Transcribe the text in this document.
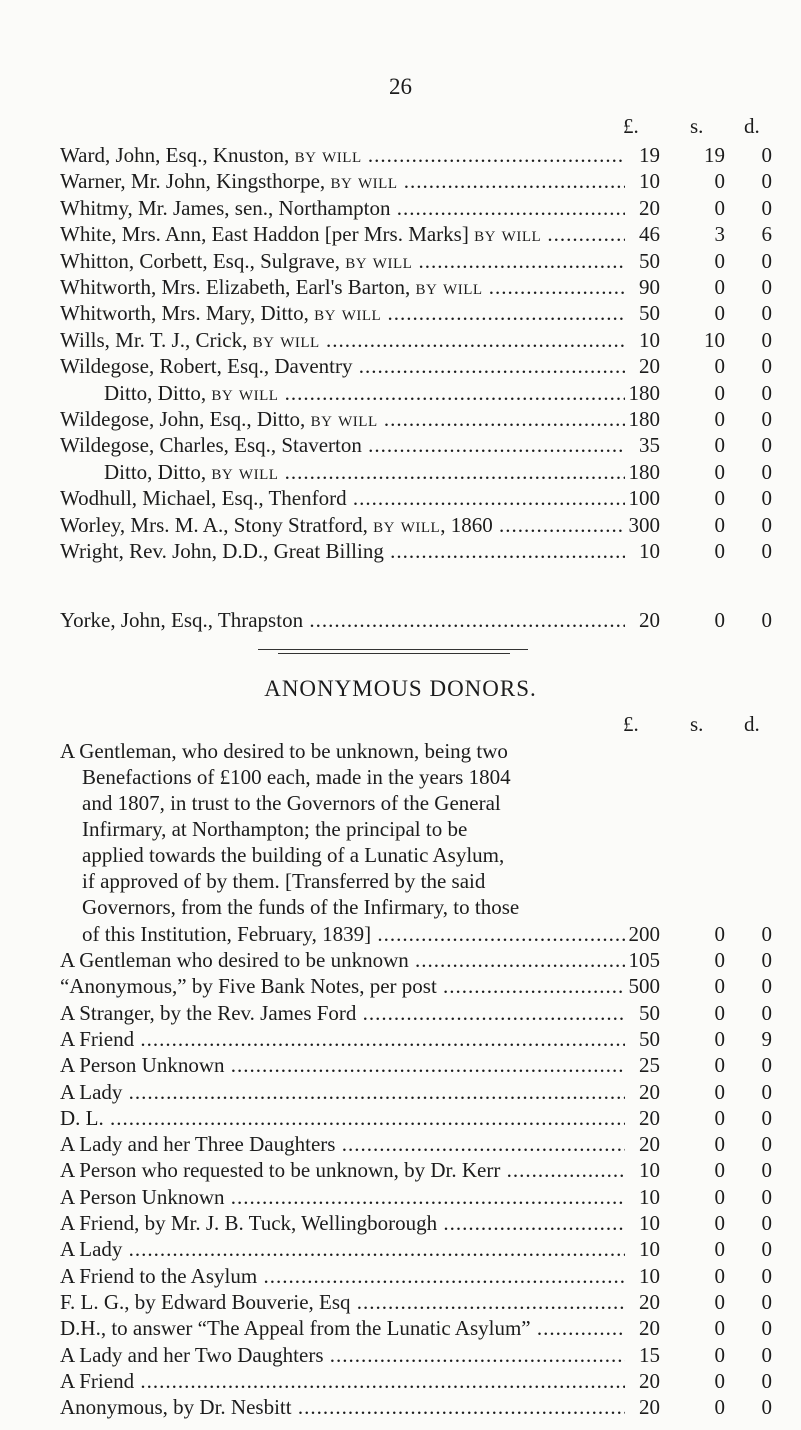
26
£. s. d.
Ward, John, Esq., Knuston, by will .....	19	19	0
Warner, Mr. John, Kingsthorpe, by will .....	10	0	0
Whitmy, Mr. James, sen., Northampton .....	20	0	0
White, Mrs. Ann, East Haddon [per Mrs. Marks] by will .....	46	3	6
Whitton, Corbett, Esq., Sulgrave, by will .....	50	0	0
Whitworth, Mrs. Elizabeth, Earl's Barton, by will .....	90	0	0
Whitworth, Mrs. Mary, Ditto, by will .....	50	0	0
Wills, Mr. T. J., Crick, by will .....	10	10	0
Wildegose, Robert, Esq., Daventry .....	20	0	0
Ditto, Ditto, by will .....	180	0	0
Wildegose, John, Esq., Ditto, by will .....	180	0	0
Wildegose, Charles, Esq., Staverton .....	35	0	0
Ditto, Ditto, by will .....	180	0	0
Wodhull, Michael, Esq., Thenford .....	100	0	0
Worley, Mrs. M. A., Stony Stratford, by will, 1860 .....	300	0	0
Wright, Rev. John, D.D., Great Billing .....	10	0	0
Yorke, John, Esq., Thrapston .....	20	0	0
ANONYMOUS DONORS.
£. s. d.
A Gentleman, who desired to be unknown, being two
Benefactions of £100 each, made in the years 1804
and 1807, in trust to the Governors of the General
Infirmary, at Northampton; the principal to be
applied towards the building of a Lunatic Asylum,
if approved of by them. [Transferred by the said
Governors, from the funds of the Infirmary, to those
of this Institution, February, 1839] .....	200	0	0
A Gentleman who desired to be unknown .....	105	0	0
“Anonymous,” by Five Bank Notes, per post .....	500	0	0
A Stranger, by the Rev. James Ford .....	50	0	0
A Friend .....	50	0	9
A Person Unknown .....	25	0	0
A Lady .....	20	0	0
D. L. .....	20	0	0
A Lady and her Three Daughters .....	20	0	0
A Person who requested to be unknown, by Dr. Kerr .....	10	0	0
A Person Unknown .....	10	0	0
A Friend, by Mr. J. B. Tuck, Wellingborough .....	10	0	0
A Lady .....	10	0	0
A Friend to the Asylum .....	10	0	0
F. L. G., by Edward Bouverie, Esq .....	20	0	0
D.H., to answer “The Appeal from the Lunatic Asylum” .....	20	0	0
A Lady and her Two Daughters .....	15	0	0
A Friend .....	20	0	0
Anonymous, by Dr. Nesbitt .....	20	0	0
